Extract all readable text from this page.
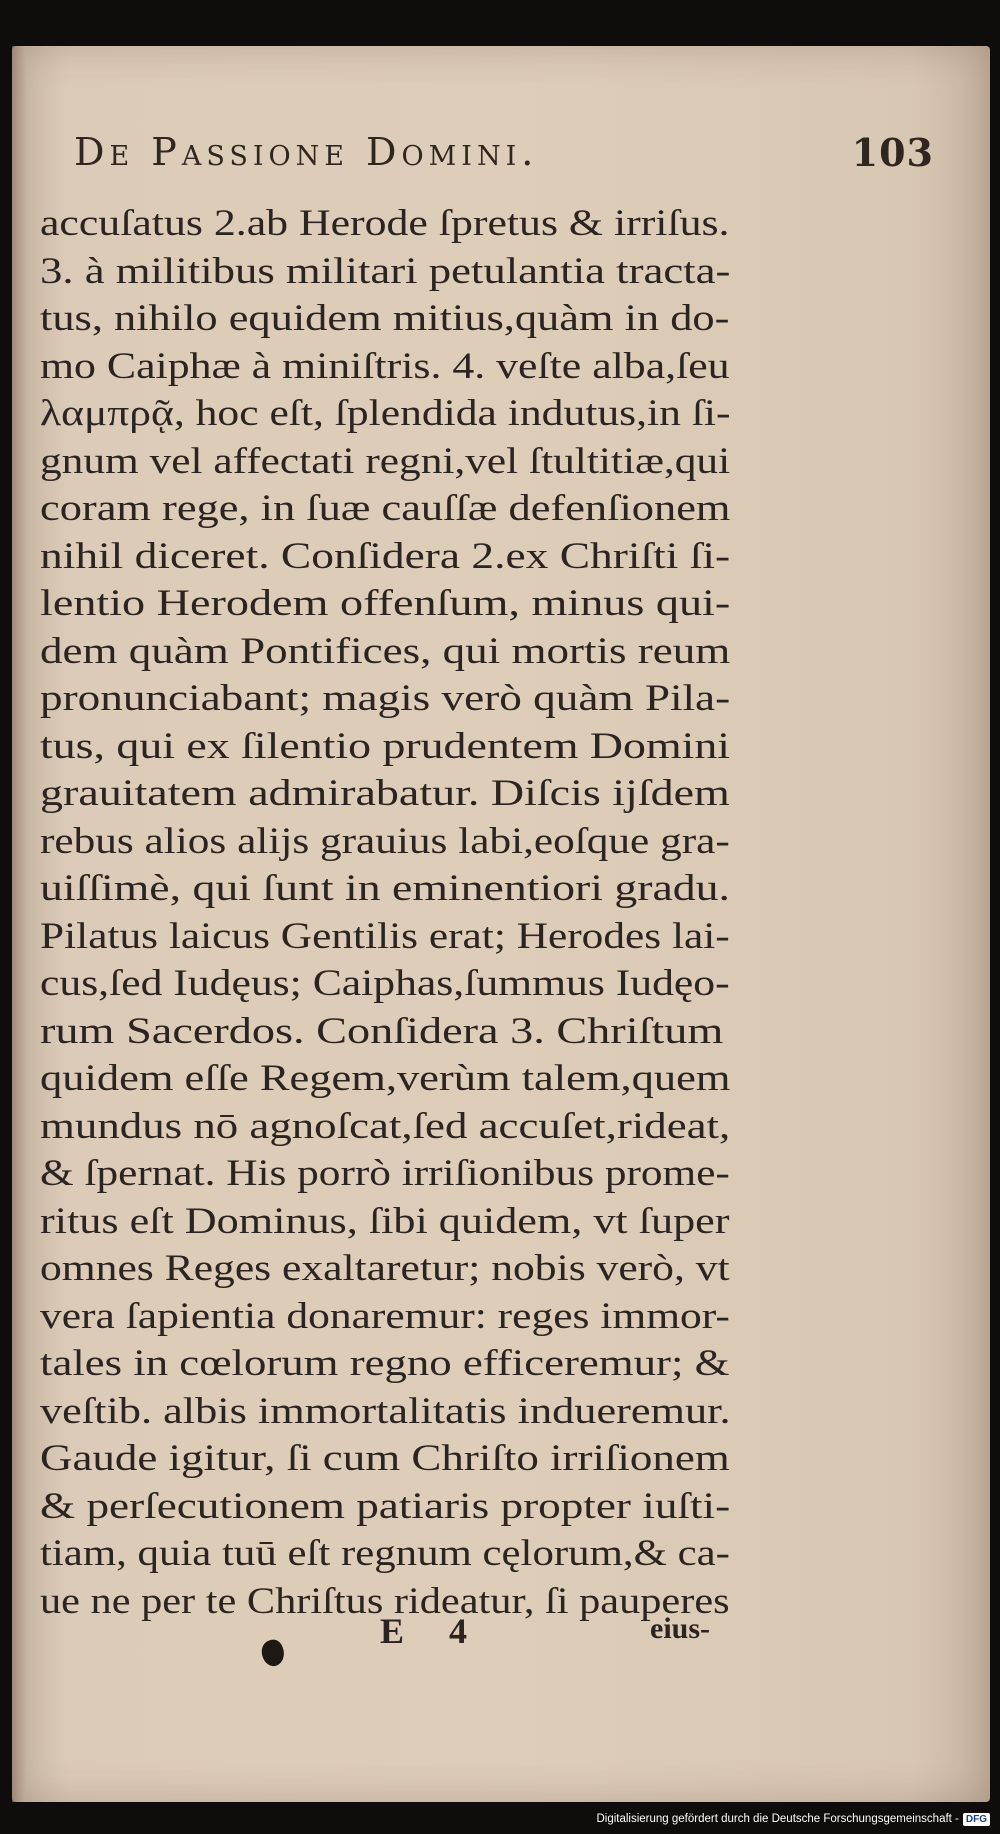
De Passione Domini.	103
accuſatus 2.ab Herode ſpretus & irriſus.
3. à militibus militari petulantia tracta-
tus, nihilo equidem mitius,quàm in do-
mo Caiphæ à miniſtris. 4. veſte alba,ſeu
λαμπρᾷ, hoc eſt, ſplendida indutus,in ſi-
gnum vel affectati regni,vel ſtultitiæ,qui
coram rege, in ſuæ cauſſæ defenſionem
nihil diceret. Conſidera 2.ex Chriſti ſi-
lentio Herodem offenſum, minus qui-
dem quàm Pontifices, qui mortis reum
pronunciabant; magis verò quàm Pila-
tus, qui ex ſilentio prudentem Domini
grauitatem admirabatur. Diſcis ijſdem
rebus alios alijs grauius labi,eoſque gra-
uiſſimè, qui ſunt in eminentiori gradu.
Pilatus laicus Gentilis erat; Herodes lai-
cus,ſed Iudęus; Caiphas,ſummus Iudęo-
rum Sacerdos. Conſidera 3. Chriſtum
quidem eſſe Regem,verùm talem,quem
mundus nō agnoſcat,ſed accuſet,rideat,
& ſpernat. His porrò irriſionibus prome-
ritus eſt Dominus, ſibi quidem, vt ſuper
omnes Reges exaltaretur; nobis verò, vt
vera ſapientia donaremur: reges immor-
tales in cœlorum regno efficeremur; &
veſtib. albis immortalitatis indueremur.
Gaude igitur, ſi cum Chriſto irriſionem
& perſecutionem patiaris propter iuſti-
tiam, quia tuū eſt regnum cęlorum,& ca-
ue ne per te Chriſtus rideatur, ſi pauperes
E 4	eius-
Digitalisierung gefördert durch die Deutsche Forschungsgemeinschaft - DFG
